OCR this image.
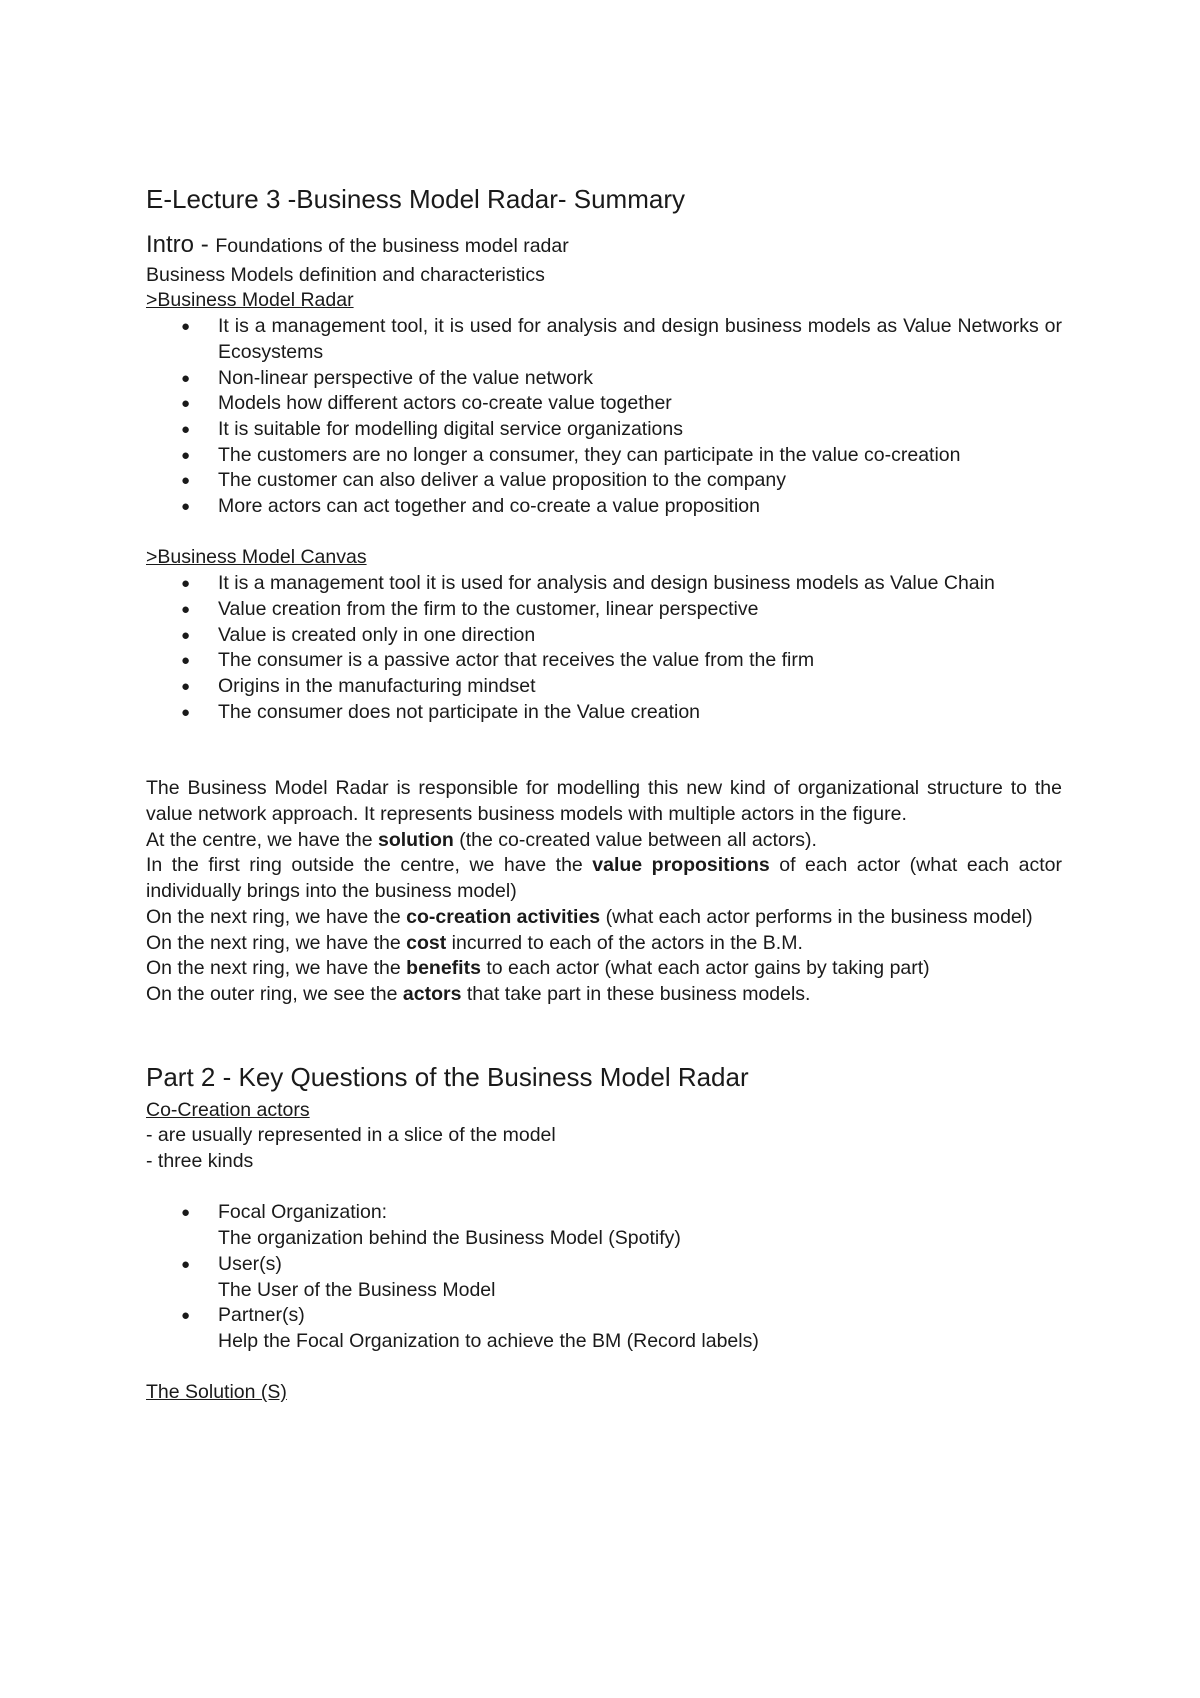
E-Lecture 3 -Business Model Radar- Summary

Intro - Foundations of the business model radar

Business Models definition and characteristics

>Business Model Radar

●	It is a management tool, it is used for analysis and design business models as Value Networks or Ecosystems
●	Non-linear perspective of the value network
●	Models how different actors co-create value together
●	It is suitable for modelling digital service organizations
●	The customers are no longer a consumer, they can participate in the value co-creation
●	The customer can also deliver a value proposition to the company
●	More actors can act together and co-create a value proposition

>Business Model Canvas

●	It is a management tool it is used for analysis and design business models as Value Chain
●	Value creation from the firm to the customer, linear perspective
●	Value is created only in one direction
●	The consumer is a passive actor that receives the value from the firm
●	Origins in the manufacturing mindset
●	The consumer does not participate in the Value creation

The Business Model Radar is responsible for modelling this new kind of organizational structure to the value network approach. It represents business models with multiple actors in the figure.

At the centre, we have the solution (the co-created value between all actors).

In the first ring outside the centre, we have the value propositions of each actor (what each actor individually brings into the business model)

On the next ring, we have the co-creation activities (what each actor performs in the business model)

On the next ring, we have the cost incurred to each of the actors in the B.M.

On the next ring, we have the benefits to each actor (what each actor gains by taking part)

On the outer ring, we see the actors that take part in these business models.

Part 2 - Key Questions of the Business Model Radar

Co-Creation actors

- are usually represented in a slice of the model

- three kinds

●	Focal Organization:
The organization behind the Business Model (Spotify)
●	User(s)
The User of the Business Model
●	Partner(s)
Help the Focal Organization to achieve the BM (Record labels)

The Solution (S)
